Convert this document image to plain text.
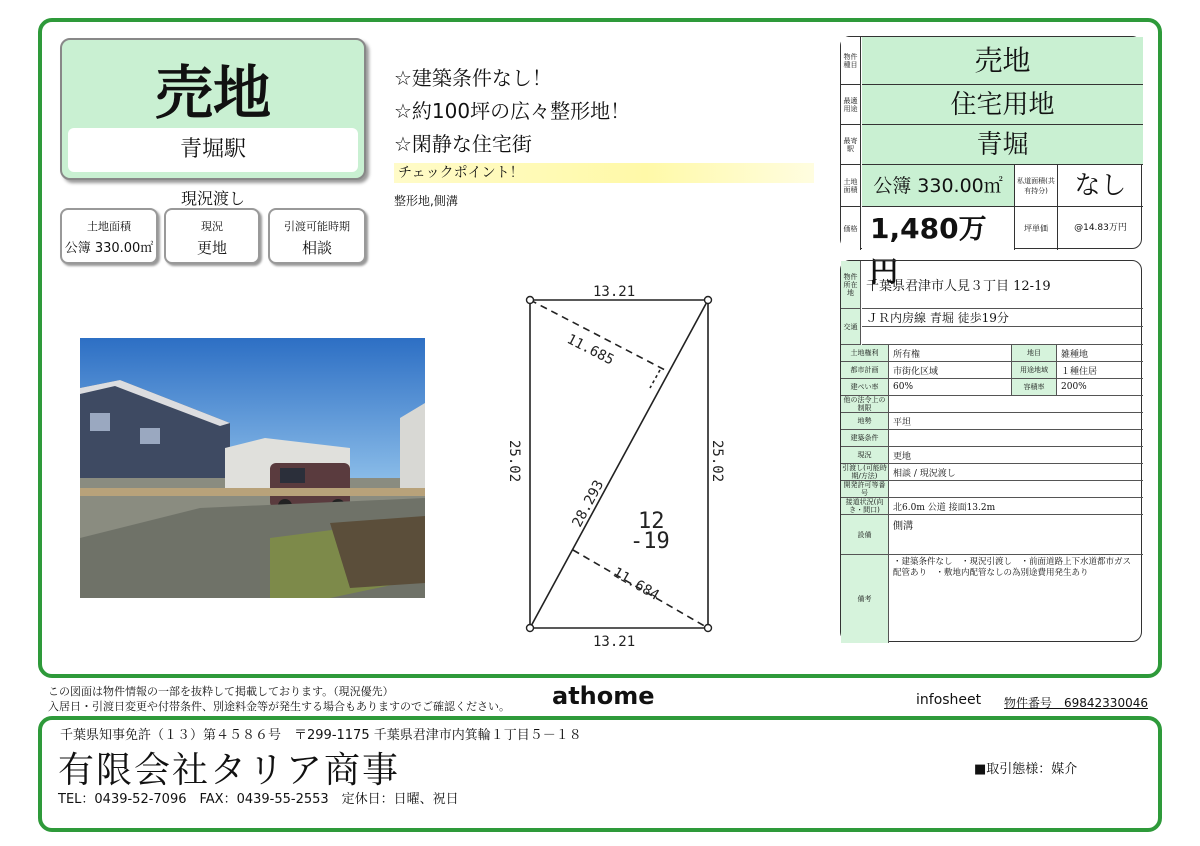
売地
青堀駅
現況渡し
土地面積
公簿 330.00㎡
現況
更地
引渡可能時期
相談
☆建築条件なし！
☆約100坪の広々整形地！
☆閑静な住宅街
チェックポイント！
整形地,側溝
13.21
13.21
25.02	25.02
11.685
28.293
11.684
12
-19
物件種目	売地
最適用途	住宅用地
最寄駅	青堀
土地面積 公簿 330.00㎡	私道面積(共有持分)	なし
価格 1,480万円
坪単価	@14.83万円
物件所在地 千葉県君津市人見３丁目 12-19
交通
ＪＲ内房線 青堀 徒歩19分
土地権利	所有権	地目	雑種地
都市計画	市街化区域	用途地域	１種住居
建ぺい率	60%	容積率	200%
他の法令上の制限
地勢	平坦
建築条件
現況	更地
引渡し(可能時期/方法)	相談 / 現況渡し
開発許可等番号
接道状況(向き・間口)	北6.0m 公道 接面13.2m
設備
側溝
備考
・建築条件なし　・現況引渡し　・前面道路上下水道都市ガス配管あり　・敷地内配管なしの為別途費用発生あり
この図面は物件情報の一部を抜粋して掲載しております。（現況優先）
入居日・引渡日変更や付帯条件、別途料金等が発生する場合もありますのでご確認ください。 athome	infosheet 物件番号　69842330046
千葉県知事免許（１３）第４５８６号　〒299-1175 千葉県君津市内箕輪１丁目５－１８
有限会社タリア商事
TEL：0439-52-7096　FAX：0439-55-2553　定休日：日曜、祝日
■取引態様：媒介
